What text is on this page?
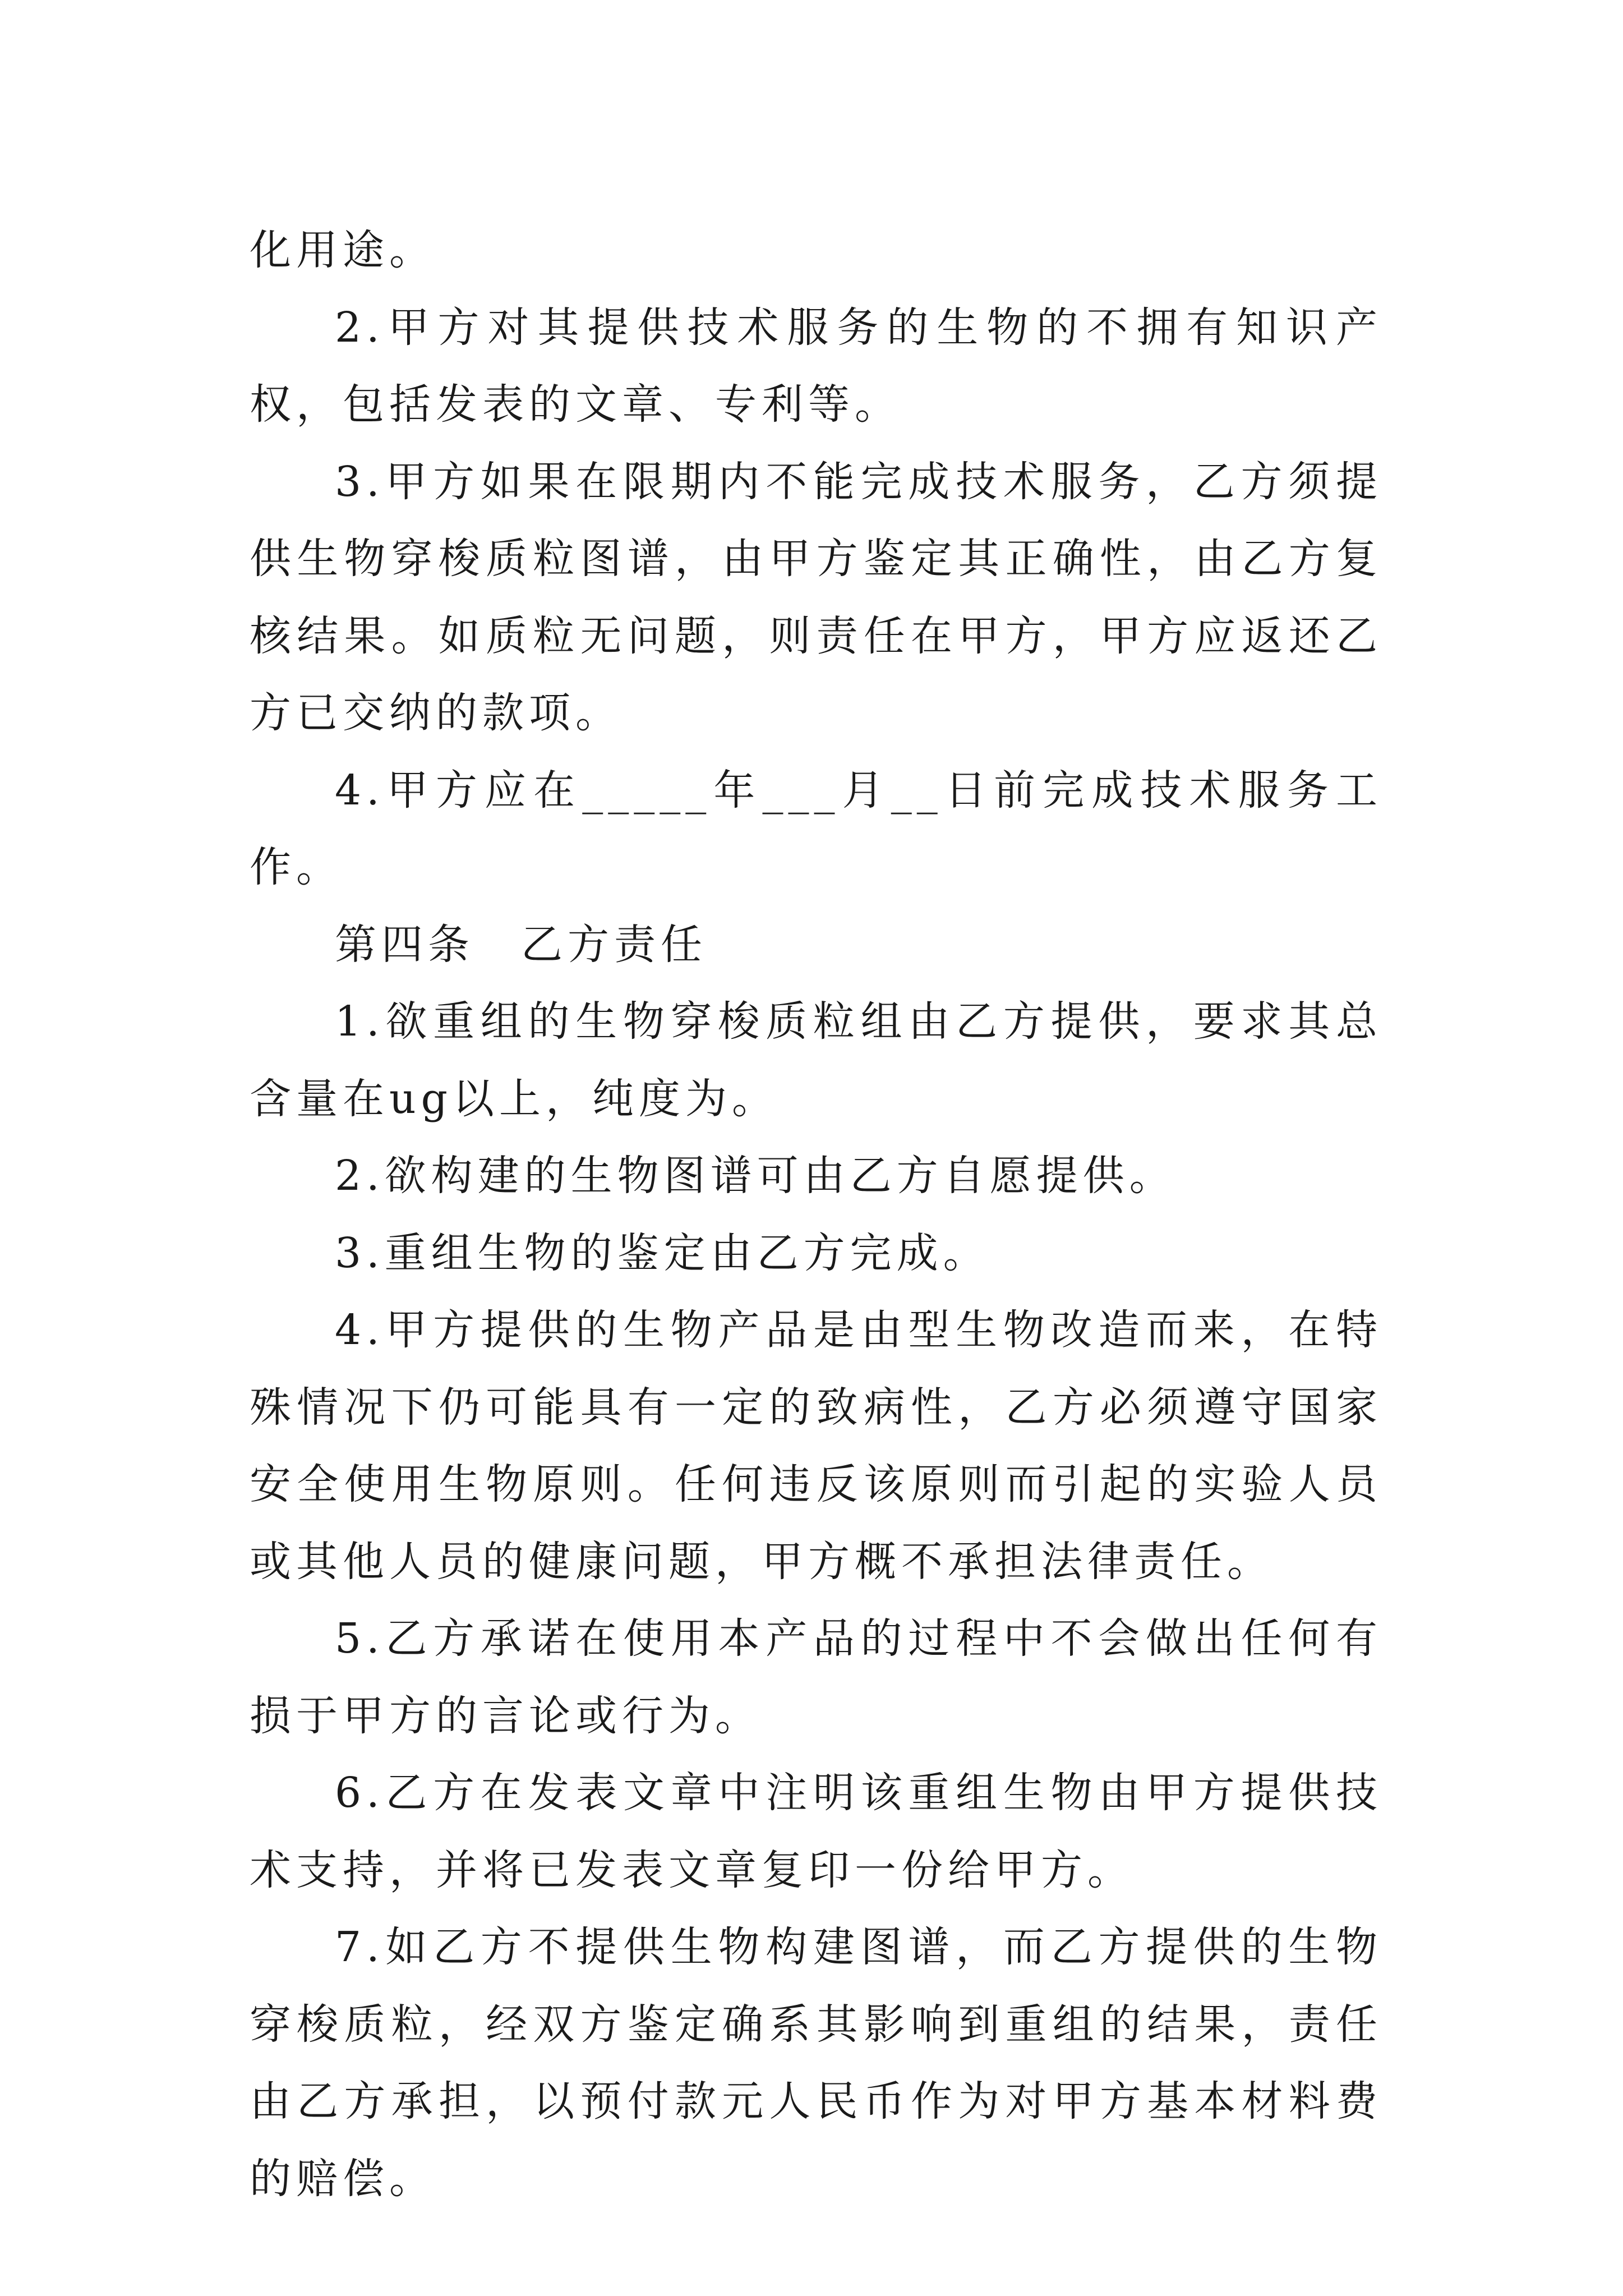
化用途。

2.甲方对其提供技术服务的生物的不拥有知识产权，包括发表的文章、专利等。

3.甲方如果在限期内不能完成技术服务，乙方须提供生物穿梭质粒图谱，由甲方鉴定其正确性，由乙方复核结果。如质粒无问题，则责任在甲方，甲方应返还乙方已交纳的款项。

4.甲方应在_____年___月__日前完成技术服务工作。

第四条　乙方责任

1.欲重组的生物穿梭质粒组由乙方提供，要求其总含量在ug以上，纯度为。

2.欲构建的生物图谱可由乙方自愿提供。

3.重组生物的鉴定由乙方完成。

4.甲方提供的生物产品是由型生物改造而来，在特殊情况下仍可能具有一定的致病性，乙方必须遵守国家安全使用生物原则。任何违反该原则而引起的实验人员或其他人员的健康问题，甲方概不承担法律责任。

5.乙方承诺在使用本产品的过程中不会做出任何有损于甲方的言论或行为。

6.乙方在发表文章中注明该重组生物由甲方提供技术支持，并将已发表文章复印一份给甲方。

7.如乙方不提供生物构建图谱，而乙方提供的生物穿梭质粒，经双方鉴定确系其影响到重组的结果，责任由乙方承担，以预付款元人民币作为对甲方基本材料费的赔偿。
